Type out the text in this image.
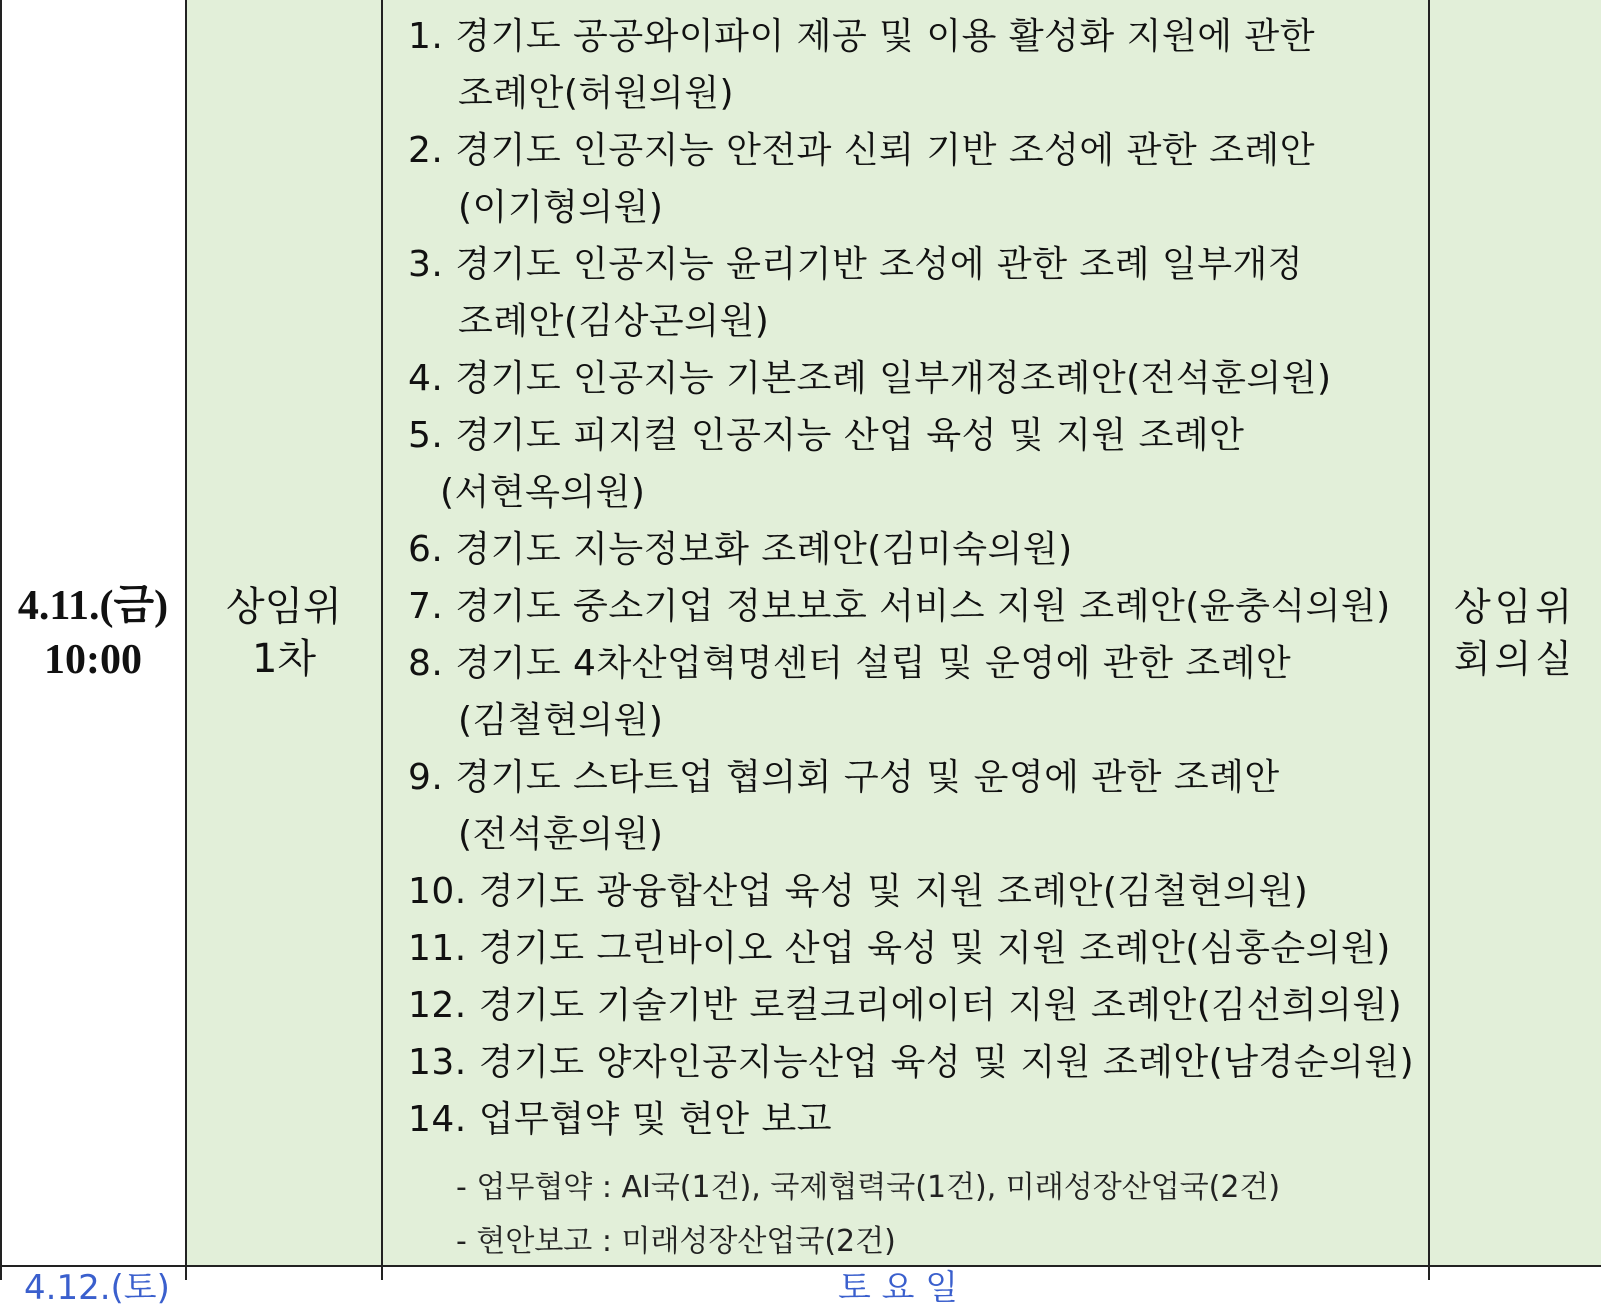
4.11.(금)
10:00
상임위
1차
상임위
회의실
1. 경기도 공공와이파이 제공 및 이용 활성화 지원에 관한
조례안(허원의원)
2. 경기도 인공지능 안전과 신뢰 기반 조성에 관한 조례안
(이기형의원)
3. 경기도 인공지능 윤리기반 조성에 관한 조례 일부개정
조례안(김상곤의원)
4. 경기도 인공지능 기본조례 일부개정조례안(전석훈의원)
5. 경기도 피지컬 인공지능 산업 육성 및 지원 조례안
(서현옥의원)
6. 경기도 지능정보화 조례안(김미숙의원)
7. 경기도 중소기업 정보보호 서비스 지원 조례안(윤충식의원)
8. 경기도 4차산업혁명센터 설립 및 운영에 관한 조례안
(김철현의원)
9. 경기도 스타트업 협의회 구성 및 운영에 관한 조례안
(전석훈의원)
10. 경기도 광융합산업 육성 및 지원 조례안(김철현의원)
11. 경기도 그린바이오 산업 육성 및 지원 조례안(심홍순의원)
12. 경기도 기술기반 로컬크리에이터 지원 조례안(김선희의원)
13. 경기도 양자인공지능산업 육성 및 지원 조례안(남경순의원)
14. 업무협약 및 현안 보고
- 업무협약 : AI국(1건), 국제협력국(1건), 미래성장산업국(2건)
- 현안보고 : 미래성장산업국(2건)
4.12.(토)	토 요 일
